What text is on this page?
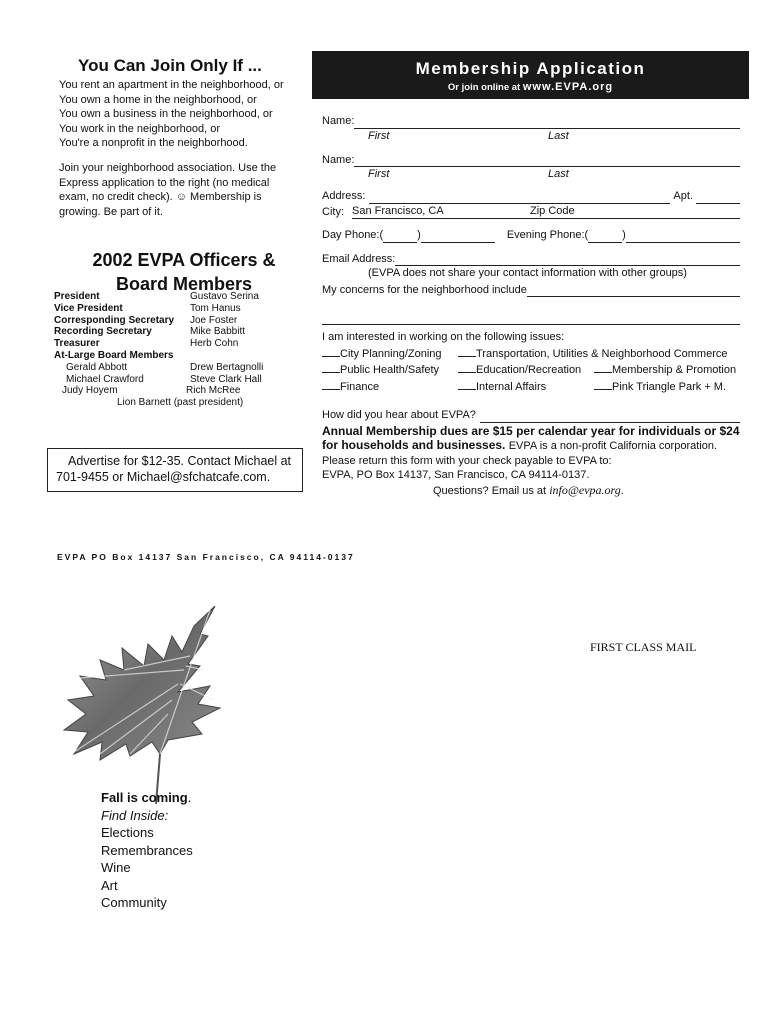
You Can Join Only If ...
You rent an apartment in the neighborhood, or
You own a home in the neighborhood, or
You own a business in the neighborhood, or
You work in the neighborhood, or
You're a nonprofit in the neighborhood.
Join your neighborhood association. Use the
Express application to the right (no medical
exam, no credit check). ☺ Membership is
growing. Be part of it.
2002 EVPA Officers &
Board Members
President	Gustavo Serina
Vice President	Tom Hanus
Corresponding Secretary	Joe Foster
Recording Secretary	Mike Babbitt
Treasurer	Herb Cohn
At-Large Board Members
Gerald Abbott	Drew Bertagnolli
Michael Crawford	Steve Clark Hall
Judy Hoyem	Rich McRee
Lion Barnett (past president)
Advertise for $12-35. Contact Michael at
701-9455 or Michael@sfchatcafe.com.
EVPA PO Box 14137 San Francisco, CA 94114-0137
FIRST CLASS MAIL
Fall is coming.
Find Inside:
Elections
Remembrances
Wine
Art
Community
Membership Application
Or join online at www.EVPA.org
Name:
First	Last
Name:
First	Last
Address:	Apt.
City: San Francisco, CA	Zip Code
Day Phone:(	)	Evening Phone:(	)
Email Address:
(EVPA does not share your contact information with other groups)
My concerns for the neighborhood include
I am interested in working on the following issues:
City Planning/Zoning	Transportation, Utilities & Neighborhood Commerce
Public Health/Safety	Education/Recreation	Membership & Promotion
Finance	Internal Affairs	Pink Triangle Park + M.
How did you hear about EVPA?
Annual Membership dues are $15 per calendar year for individuals or $24 for households and businesses. EVPA is a non-profit California corporation.
Please return this form with your check payable to EVPA to:
EVPA, PO Box 14137, San Francisco, CA 94114-0137.
Questions? Email us at info@evpa.org.
